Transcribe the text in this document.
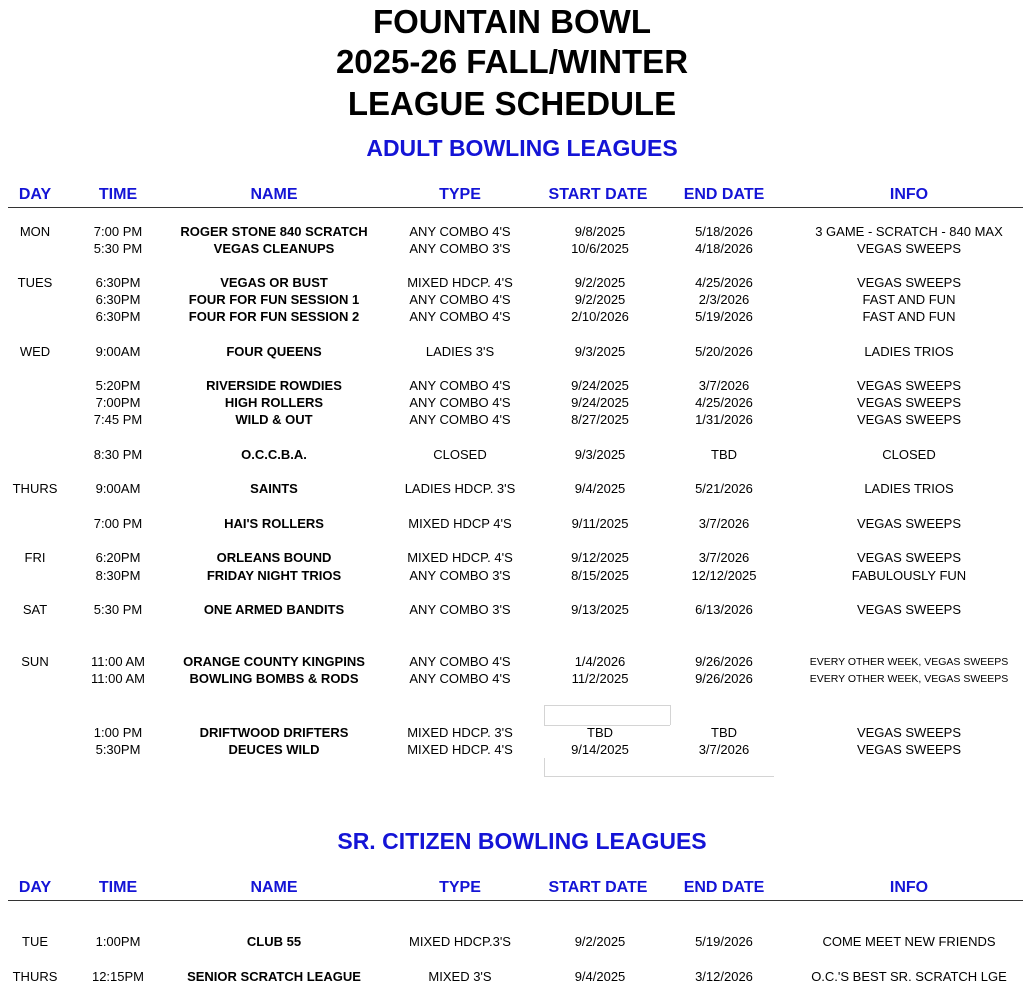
FOUNTAIN BOWL
2025-26 FALL/WINTER
LEAGUE SCHEDULE
ADULT BOWLING LEAGUES
DAY	TIME	NAME	TYPE	START DATE	END DATE	INFO
MON	7:00 PM	ROGER STONE 840 SCRATCH	ANY COMBO 4'S	9/8/2025	5/18/2026	3 GAME - SCRATCH - 840 MAX
5:30 PM	VEGAS CLEANUPS	ANY COMBO 3'S	10/6/2025	4/18/2026	VEGAS SWEEPS
TUES	6:30PM	VEGAS OR BUST	MIXED HDCP. 4'S	9/2/2025	4/25/2026	VEGAS SWEEPS
6:30PM	FOUR FOR FUN SESSION 1	ANY COMBO 4'S	9/2/2025	2/3/2026	FAST AND FUN
6:30PM	FOUR FOR FUN SESSION 2	ANY COMBO 4'S	2/10/2026	5/19/2026	FAST AND FUN
WED	9:00AM	FOUR QUEENS	LADIES 3'S	9/3/2025	5/20/2026	LADIES TRIOS
5:20PM	RIVERSIDE ROWDIES	ANY COMBO 4'S	9/24/2025	3/7/2026	VEGAS SWEEPS
7:00PM	HIGH ROLLERS	ANY COMBO 4'S	9/24/2025	4/25/2026	VEGAS SWEEPS
7:45 PM	WILD & OUT	ANY COMBO 4'S	8/27/2025	1/31/2026	VEGAS SWEEPS
8:30 PM	O.C.C.B.A.	CLOSED	9/3/2025	TBD	CLOSED
THURS	9:00AM	SAINTS	LADIES HDCP. 3'S	9/4/2025	5/21/2026	LADIES TRIOS
7:00 PM	HAI'S ROLLERS	MIXED HDCP 4'S	9/11/2025	3/7/2026	VEGAS SWEEPS
FRI	6:20PM	ORLEANS BOUND	MIXED HDCP. 4'S	9/12/2025	3/7/2026	VEGAS SWEEPS
8:30PM	FRIDAY NIGHT TRIOS	ANY COMBO 3'S	8/15/2025	12/12/2025	FABULOUSLY FUN
SAT	5:30 PM	ONE ARMED BANDITS	ANY COMBO 3'S	9/13/2025	6/13/2026	VEGAS SWEEPS
SUN	11:00 AM	ORANGE COUNTY KINGPINS	ANY COMBO 4'S	1/4/2026	9/26/2026	EVERY OTHER WEEK, VEGAS SWEEPS
11:00 AM	BOWLING BOMBS & RODS	ANY COMBO 4'S	11/2/2025	9/26/2026	EVERY OTHER WEEK, VEGAS SWEEPS
1:00 PM	DRIFTWOOD DRIFTERS	MIXED HDCP. 3'S	TBD	TBD	VEGAS SWEEPS
5:30PM	DEUCES WILD	MIXED HDCP. 4'S	9/14/2025	3/7/2026	VEGAS SWEEPS
SR. CITIZEN BOWLING LEAGUES
DAY	TIME	NAME	TYPE	START DATE	END DATE	INFO
TUE	1:00PM	CLUB 55	MIXED HDCP.3'S	9/2/2025	5/19/2026	COME MEET NEW FRIENDS
THURS	12:15PM	SENIOR SCRATCH LEAGUE	MIXED 3'S	9/4/2025	3/12/2026	O.C.'S BEST SR. SCRATCH LGE
